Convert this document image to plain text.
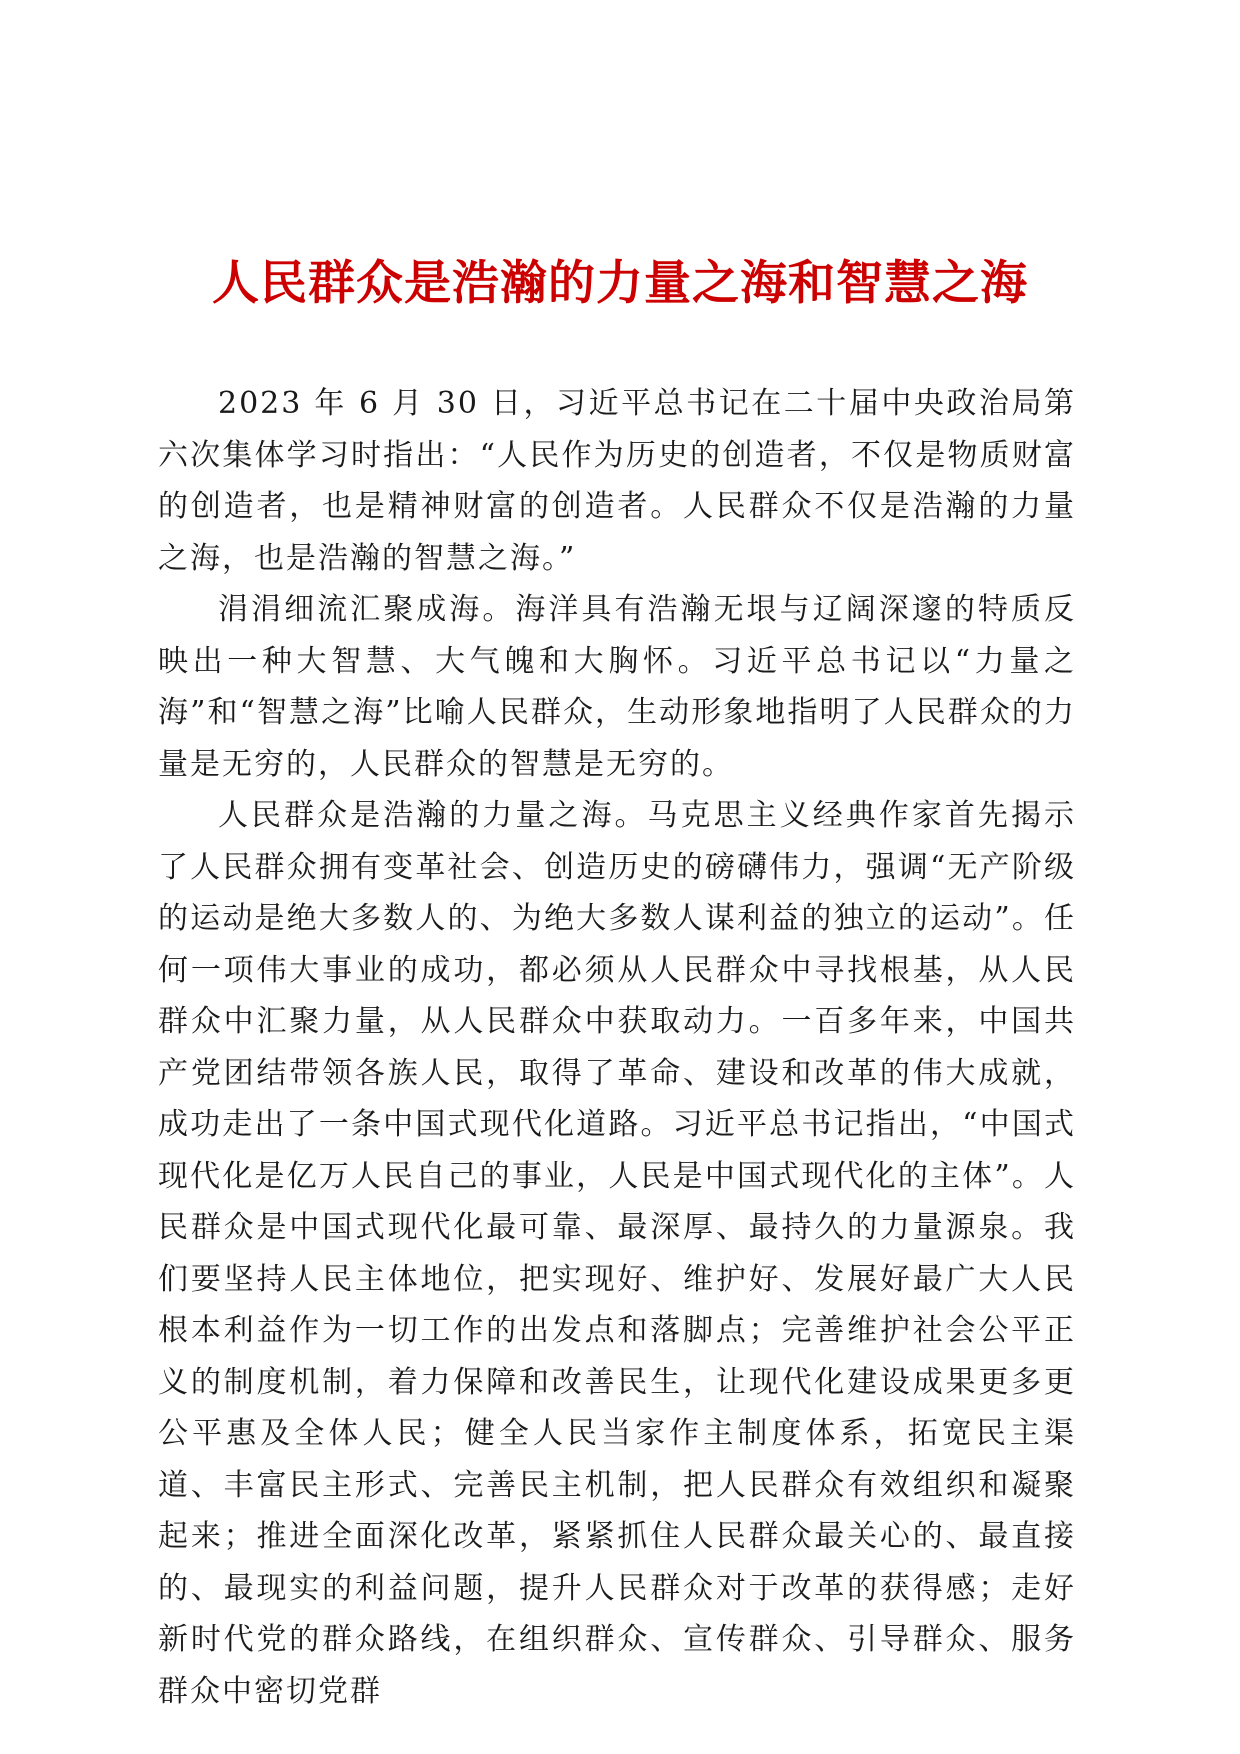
人民群众是浩瀚的力量之海和智慧之海

2023 年 6 月 30 日，习近平总书记在二十届中央政治局第六次集体学习时指出：“人民作为历史的创造者，不仅是物质财富的创造者，也是精神财富的创造者。人民群众不仅是浩瀚的力量之海，也是浩瀚的智慧之海。”

涓涓细流汇聚成海。海洋具有浩瀚无垠与辽阔深邃的特质反映出一种大智慧、大气魄和大胸怀。习近平总书记以“力量之海”和“智慧之海”比喻人民群众，生动形象地指明了人民群众的力量是无穷的，人民群众的智慧是无穷的。

人民群众是浩瀚的力量之海。马克思主义经典作家首先揭示了人民群众拥有变革社会、创造历史的磅礴伟力，强调“无产阶级的运动是绝大多数人的、为绝大多数人谋利益的独立的运动”。任何一项伟大事业的成功，都必须从人民群众中寻找根基，从人民群众中汇聚力量，从人民群众中获取动力。一百多年来，中国共产党团结带领各族人民，取得了革命、建设和改革的伟大成就，成功走出了一条中国式现代化道路。习近平总书记指出，“中国式现代化是亿万人民自己的事业，人民是中国式现代化的主体”。人民群众是中国式现代化最可靠、最深厚、最持久的力量源泉。我们要坚持人民主体地位，把实现好、维护好、发展好最广大人民根本利益作为一切工作的出发点和落脚点；完善维护社会公平正义的制度机制，着力保障和改善民生，让现代化建设成果更多更公平惠及全体人民；健全人民当家作主制度体系，拓宽民主渠道、丰富民主形式、完善民主机制，把人民群众有效组织和凝聚起来；推进全面深化改革，紧紧抓住人民群众最关心的、最直接的、最现实的利益问题，提升人民群众对于改革的获得感；走好新时代党的群众路线，在组织群众、宣传群众、引导群众、服务群众中密切党群
